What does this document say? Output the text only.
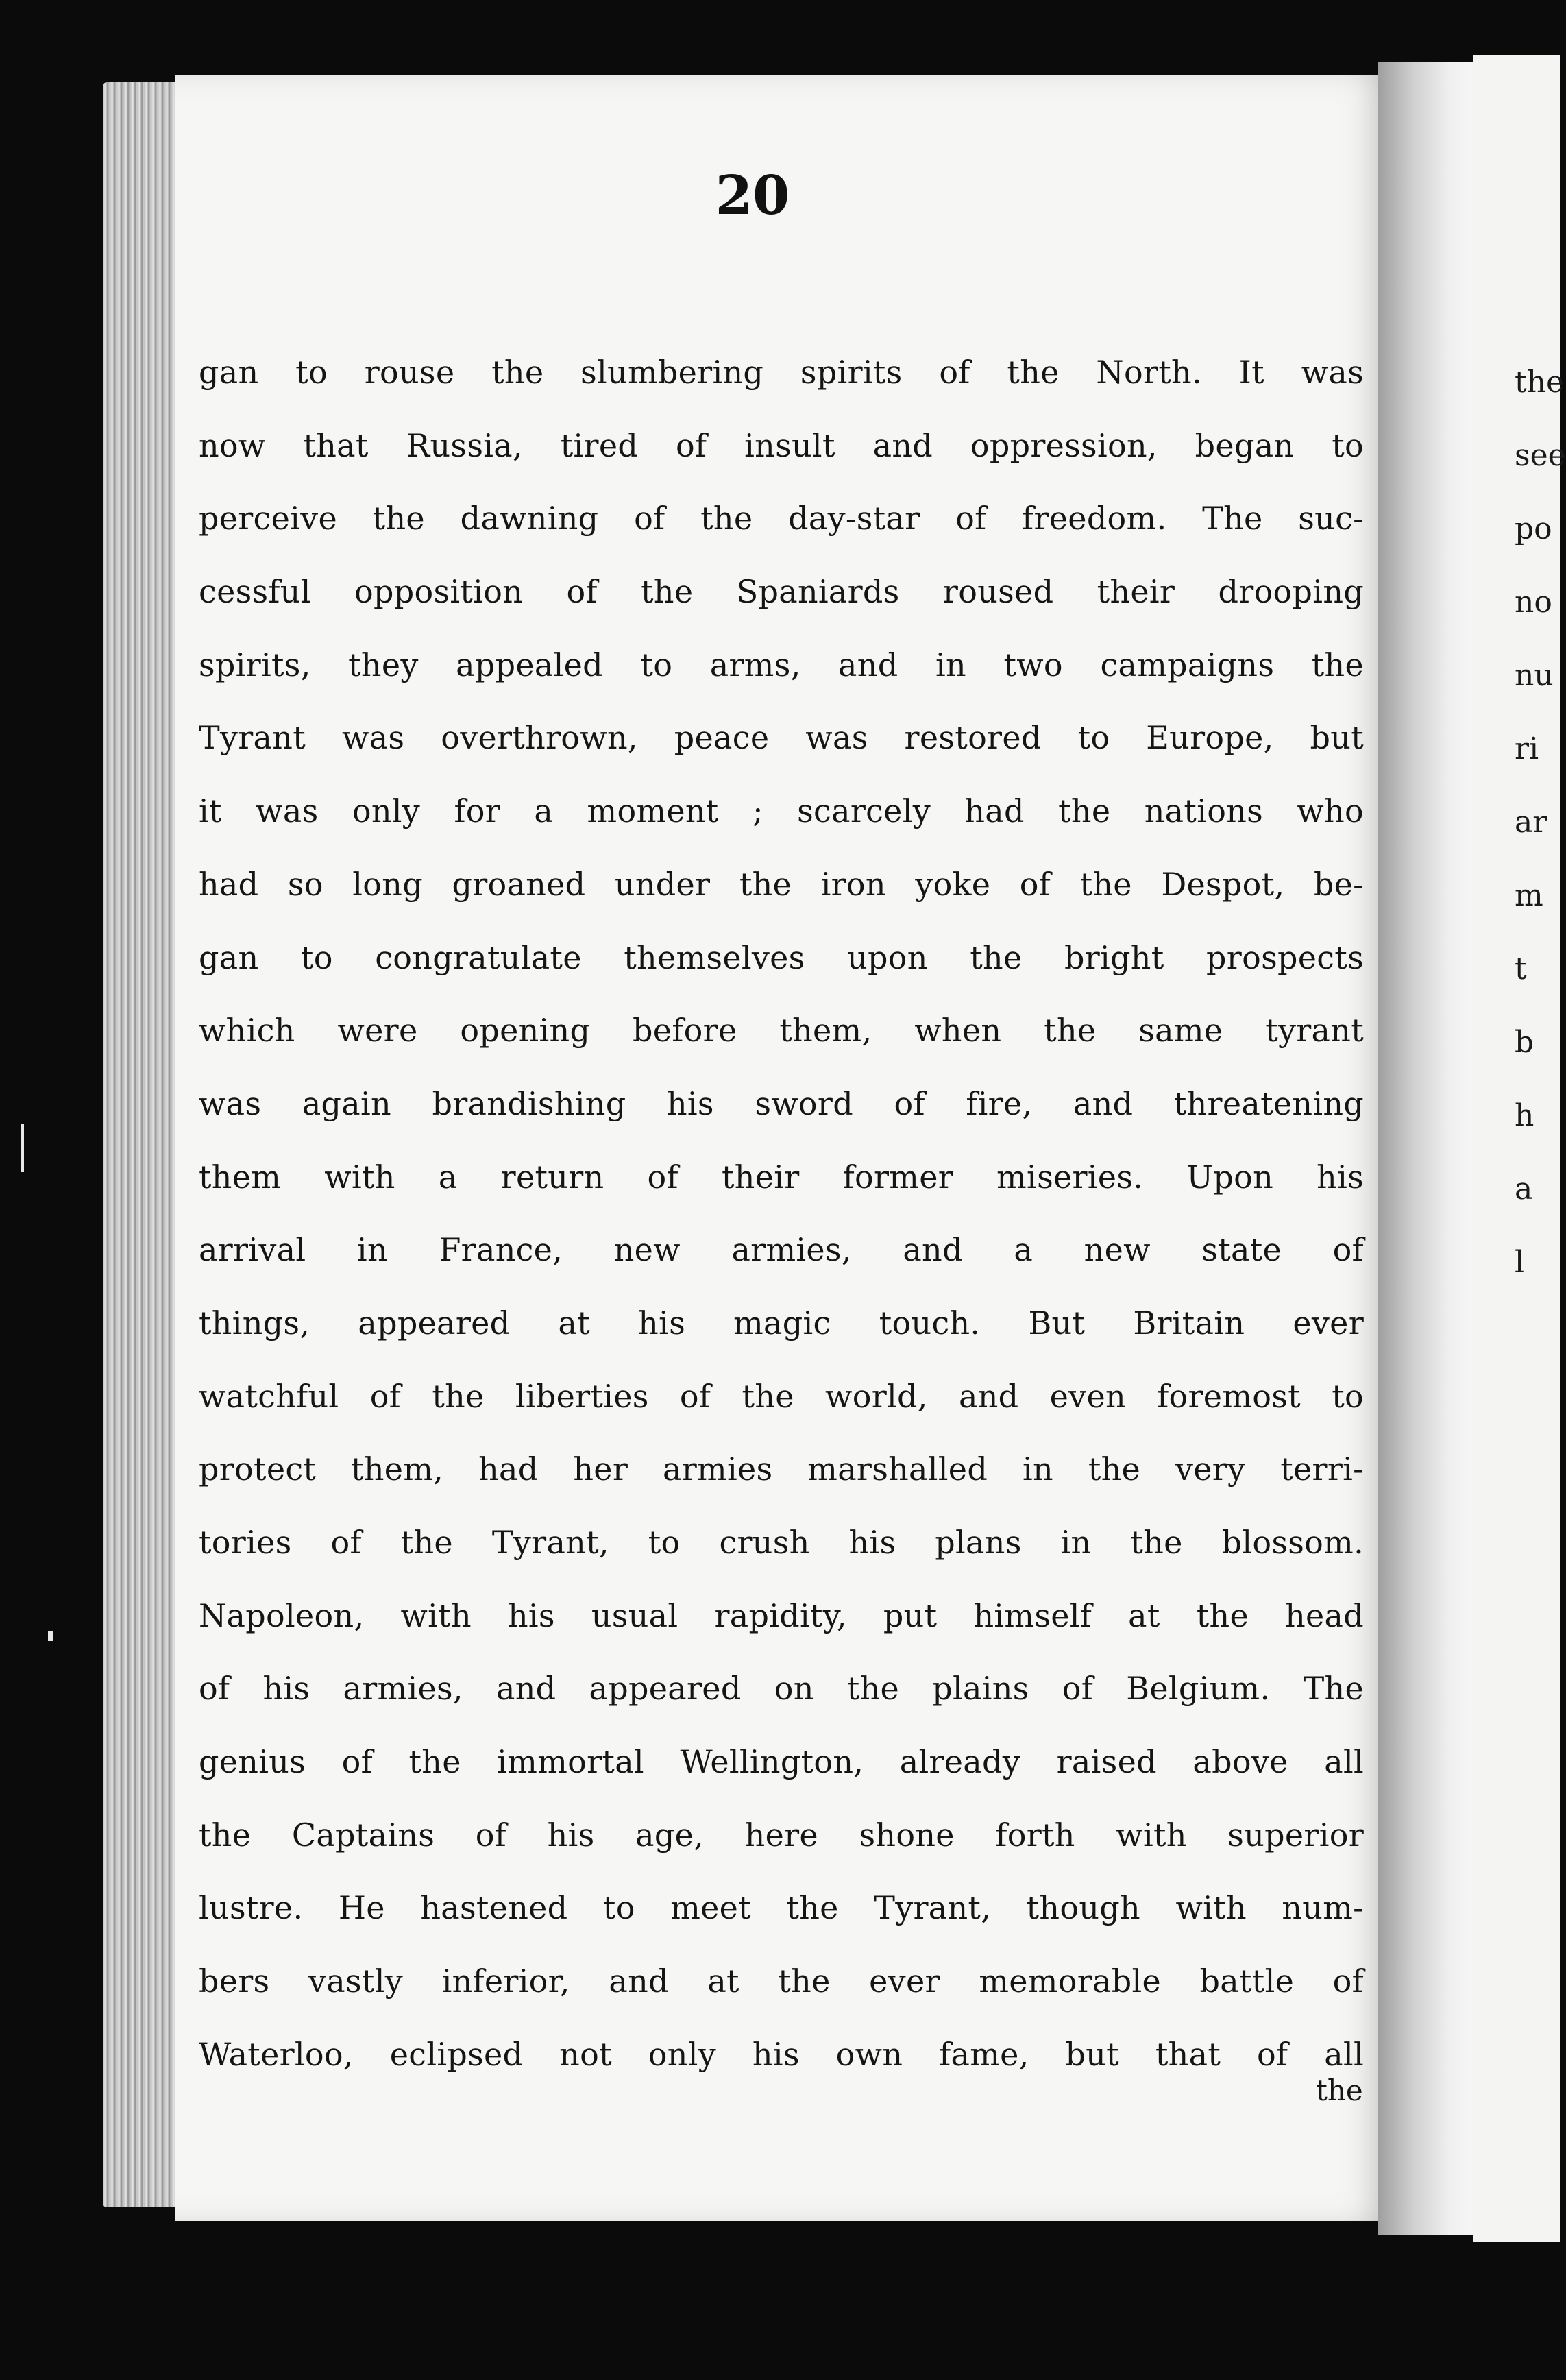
the
see
po
no
nu
ri
ar
m
t
b
h
a
l
20
gan to rouse the slumbering spirits of the North. It was
now that Russia, tired of insult and oppression, began to
perceive the dawning of the day-star of freedom. The suc-
cessful opposition of the Spaniards roused their drooping
spirits, they appealed to arms, and in two campaigns the
Tyrant was overthrown, peace was restored to Europe, but
it was only for a moment ; scarcely had the nations who
had so long groaned under the iron yoke of the Despot, be-
gan to congratulate themselves upon the bright prospects
which were opening before them, when the same tyrant
was again brandishing his sword of fire, and threatening
them with a return of their former miseries. Upon his
arrival in France, new armies, and a new state of
things, appeared at his magic touch. But Britain ever
watchful of the liberties of the world, and even foremost to
protect them, had her armies marshalled in the very terri-
tories of the Tyrant, to crush his plans in the blossom.
Napoleon, with his usual rapidity, put himself at the head
of his armies, and appeared on the plains of Belgium. The
genius of the immortal Wellington, already raised above all
the Captains of his age, here shone forth with superior
lustre. He hastened to meet the Tyrant, though with num-
bers vastly inferior, and at the ever memorable battle of
Waterloo, eclipsed not only his own fame, but that of all
the
